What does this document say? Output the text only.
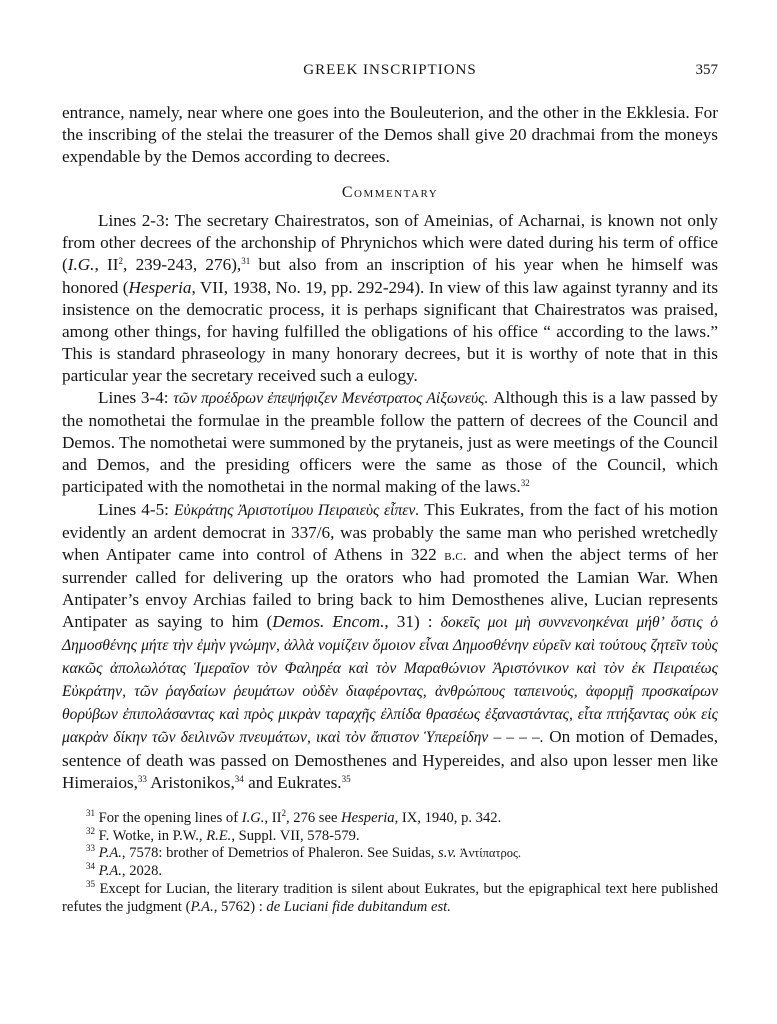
GREEK INSCRIPTIONS	357

entrance, namely, near where one goes into the Bouleuterion, and the other in the Ekklesia. For the inscribing of the stelai the treasurer of the Demos shall give 20 drachmai from the moneys expendable by the Demos according to decrees.

Commentary

Lines 2-3: The secretary Chairestratos, son of Ameinias, of Acharnai, is known not only from other decrees of the archonship of Phrynichos which were dated during his term of office (I.G., $II^2$, 239-243, 276),$^{31}$ but also from an inscription of his year when he himself was honored (Hesperia, VII, 1938, No. 19, pp. 292-294). In view of this law against tyranny and its insistence on the democratic process, it is perhaps significant that Chairestratos was praised, among other things, for having fulfilled the obligations of his office “ according to the laws.” This is standard phraseology in many honorary decrees, but it is worthy of note that in this particular year the secretary received such a eulogy.

Lines 3-4: τῶν προέδρων ἐπεψήφιζεν Μενέστρατος Αἰξωνεύς. Although this is a law passed by the nomothetai the formulae in the preamble follow the pattern of decrees of the Council and Demos. The nomothetai were summoned by the prytaneis, just as were meetings of the Council and Demos, and the presiding officers were the same as those of the Council, which participated with the nomothetai in the normal making of the laws.$^{32}$

Lines 4-5: Εὐκράτης Ἀριστοτίμου Πειραιεὺς εἶπεν. This Eukrates, from the fact of his motion evidently an ardent democrat in 337/6, was probably the same man who perished wretchedly when Antipater came into control of Athens in 322 b.c. and when the abject terms of her surrender called for delivering up the orators who had promoted the Lamian War. When Antipater’s envoy Archias failed to bring back to him Demosthenes alive, Lucian represents Antipater as saying to him (Demos. Encom., 31) : δοκεῖς μοι μὴ συννενοηκέναι μήθ’ ὅστις ὁ Δημοσθένης μήτε τὴν ἐμὴν γνώμην, ἀλλὰ νομίζειν ὅμοιον εἶναι Δημοσθένην εὑρεῖν καὶ τούτους ζητεῖν τοὺς κακῶς ἀπολωλότας Ἱμεραῖον τὸν Φαληρέα καὶ τὸν Μαραθώνιον Ἀριστόνικον καὶ τὸν ἐκ Πειραιέως Εὐκράτην, τῶν ῥαγδαίων ῥευμάτων οὐδὲν διαφέροντας, ἀνθρώπους ταπεινούς, ἀφορμῇ προσκαίρων θορύβων ἐπιπολάσαντας καὶ πρὸς μικρὰν ταραχῆς ἐλπίδα θρασέως ἐξαναστάντας, εἶτα πτήξαντας οὐκ εἰς μακρὰν δίκην τῶν δειλινῶν πνευμάτων, ικαὶ τὸν ἄπιστον Ὑπερείδην – – – –. On motion of Demades, sentence of death was passed on Demosthenes and Hypereides, and also upon lesser men like Himeraios,$^{33}$ Aristonikos,$^{34}$ and Eukrates.$^{35}$

$^{31}$ For the opening lines of I.G., $II^2$, 276 see Hesperia, IX, 1940, p. 342.

$^{32}$ F. Wotke, in P.W., R.E., Suppl. VII, 578-579.

$^{33}$ P.A., 7578: brother of Demetrios of Phaleron. See Suidas, s.v. Ἀντίπατρος.

$^{34}$ P.A., 2028.

$^{35}$ Except for Lucian, the literary tradition is silent about Eukrates, but the epigraphical text here published refutes the judgment (P.A., 5762) : de Luciani fide dubitandum est.
